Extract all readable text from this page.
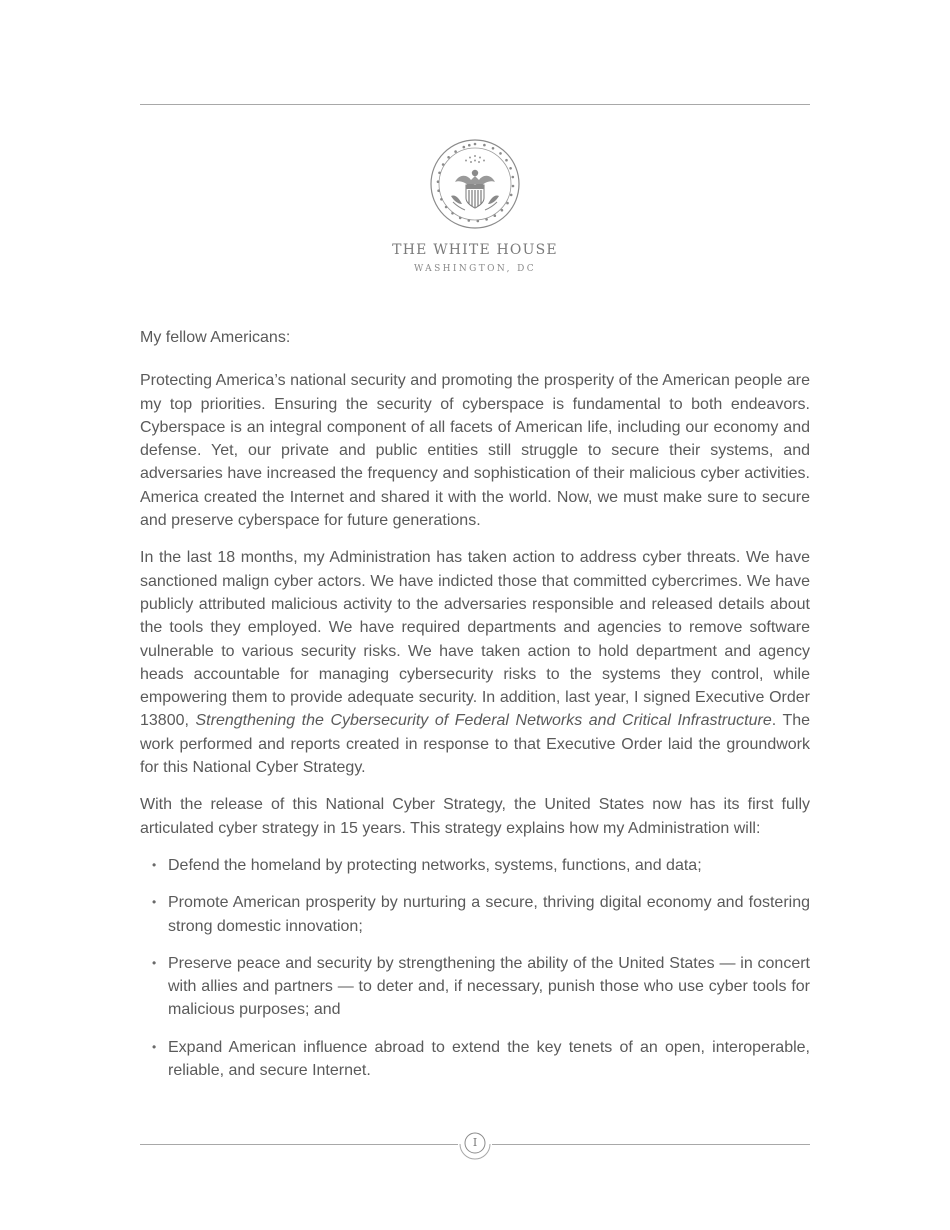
THE WHITE HOUSE
WASHINGTON, DC

My fellow Americans:

Protecting America’s national security and promoting the prosperity of the American people are my top priorities. Ensuring the security of cyberspace is fundamental to both endeavors. Cyberspace is an integral component of all facets of American life, including our economy and defense. Yet, our private and public entities still struggle to secure their systems, and adversaries have increased the frequency and sophistication of their malicious cyber activities. America created the Internet and shared it with the world. Now, we must make sure to secure and preserve cyberspace for future generations.

In the last 18 months, my Administration has taken action to address cyber threats. We have sanctioned malign cyber actors. We have indicted those that committed cybercrimes. We have publicly attributed malicious activity to the adversaries responsible and released details about the tools they employed. We have required departments and agencies to remove software vulnerable to various security risks. We have taken action to hold department and agency heads accountable for managing cybersecurity risks to the systems they control, while empowering them to provide adequate security. In addition, last year, I signed Executive Order 13800, Strengthening the Cybersecurity of Federal Networks and Critical Infrastructure. The work performed and reports created in response to that Executive Order laid the groundwork for this National Cyber Strategy.

With the release of this National Cyber Strategy, the United States now has its first fully articulated cyber strategy in 15 years. This strategy explains how my Administration will:

• Defend the homeland by protecting networks, systems, functions, and data;
• Promote American prosperity by nurturing a secure, thriving digital economy and fostering strong domestic innovation;
• Preserve peace and security by strengthening the ability of the United States — in concert with allies and partners — to deter and, if necessary, punish those who use cyber tools for malicious purposes; and
• Expand American influence abroad to extend the key tenets of an open, interoperable, reliable, and secure Internet.
I
